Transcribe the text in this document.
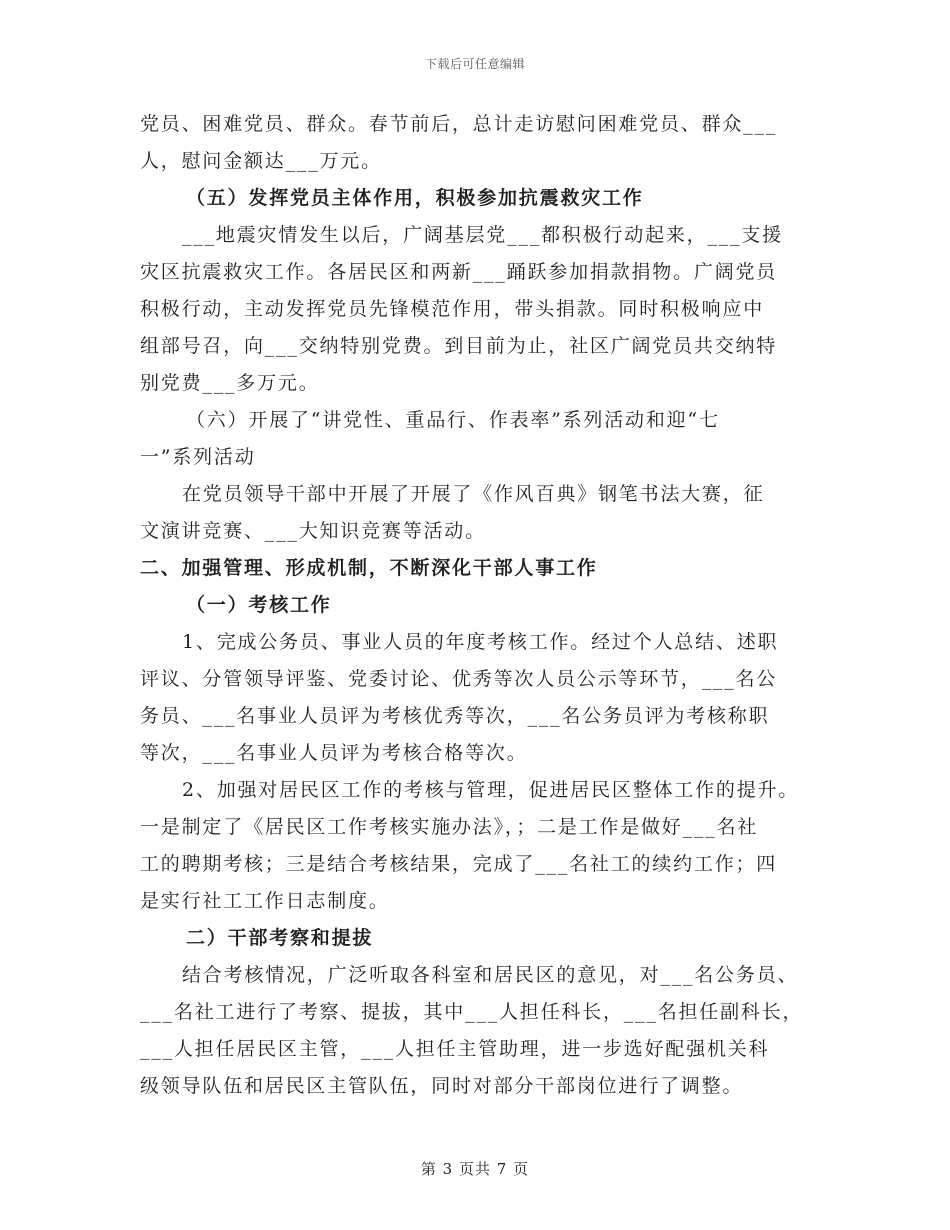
下载后可任意编辑
党员、困难党员、群众。春节前后，总计走访慰问困难党员、群众___
人，慰问金额达___万元。
（五）发挥党员主体作用，积极参加抗震救灾工作
___地震灾情发生以后，广阔基层党___都积极行动起来，___支援
灾区抗震救灾工作。各居民区和两新___踊跃参加捐款捐物。广阔党员
积极行动，主动发挥党员先锋模范作用，带头捐款。同时积极响应中
组部号召，向___交纳特别党费。到目前为止，社区广阔党员共交纳特
别党费___多万元。
（六）开展了“讲党性、重品行、作表率”系列活动和迎“七
一”系列活动
在党员领导干部中开展了开展了《作风百典》钢笔书法大赛，征
文演讲竞赛、___大知识竞赛等活动。
二、加强管理、形成机制，不断深化干部人事工作
（一）考核工作
1、完成公务员、事业人员的年度考核工作。经过个人总结、述职
评议、分管领导评鉴、党委讨论、优秀等次人员公示等环节，___名公
务员、___名事业人员评为考核优秀等次，___名公务员评为考核称职
等次，___名事业人员评为考核合格等次。
2、加强对居民区工作的考核与管理，促进居民区整体工作的提升。
一是制定了《居民区工作考核实施办法》，；二是工作是做好___名社
工的聘期考核；三是结合考核结果，完成了___名社工的续约工作；四
是实行社工工作日志制度。
二）干部考察和提拔
结合考核情况，广泛听取各科室和居民区的意见，对___名公务员、
___名社工进行了考察、提拔，其中___人担任科长，___名担任副科长，
___人担任居民区主管，___人担任主管助理，进一步选好配强机关科
级领导队伍和居民区主管队伍，同时对部分干部岗位进行了调整。
第 3 页共 7 页
